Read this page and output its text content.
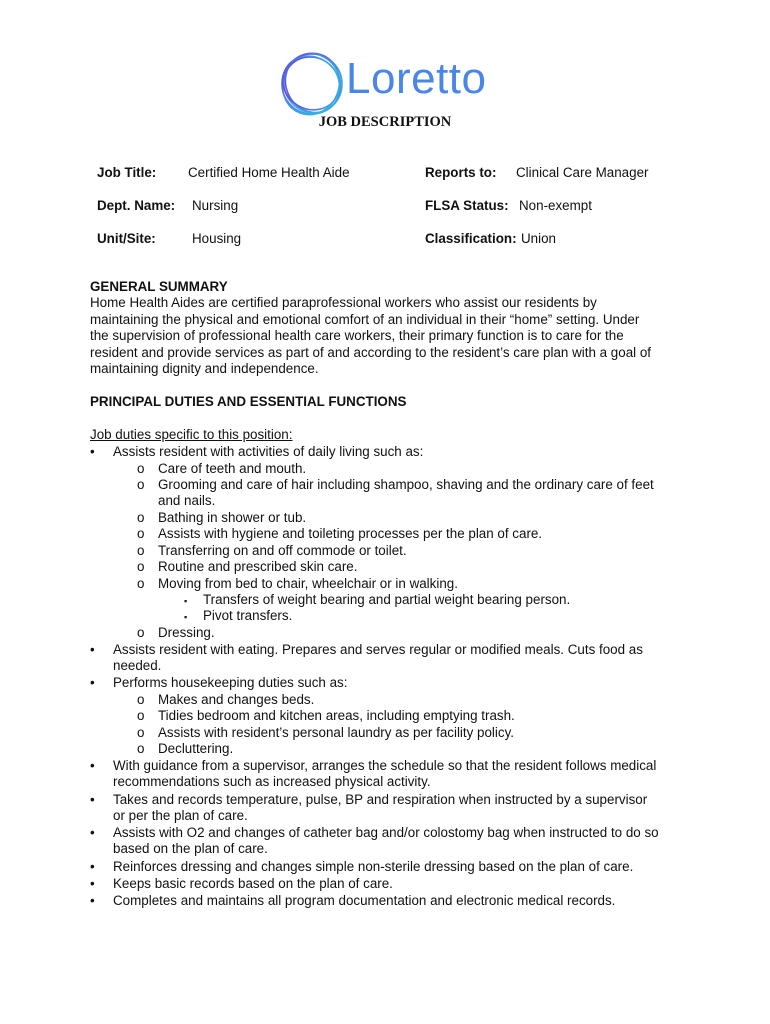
Loretto
JOB DESCRIPTION
Job Title: Certified Home Health Aide	Reports to: Clinical Care Manager
Dept. Name: Nursing	FLSA Status: Non-exempt
Unit/Site:	Housing	Classification: Union
GENERAL SUMMARY
Home Health Aides are certified paraprofessional workers who assist our residents by
maintaining the physical and emotional comfort of an individual in their “home” setting. Under
the supervision of professional health care workers, their primary function is to care for the
resident and provide services as part of and according to the resident’s care plan with a goal of
maintaining dignity and independence.
PRINCIPAL DUTIES AND ESSENTIAL FUNCTIONS
Job duties specific to this position:
• Assists resident with activities of daily living such as:
o Care of teeth and mouth.
o Grooming and care of hair including shampoo, shaving and the ordinary care of feet
and nails.
o Bathing in shower or tub.
o Assists with hygiene and toileting processes per the plan of care.
o Transferring on and off commode or toilet.
o Routine and prescribed skin care.
o Moving from bed to chair, wheelchair or in walking.
▪ Transfers of weight bearing and partial weight bearing person.
▪ Pivot transfers.
o Dressing.
• Assists resident with eating. Prepares and serves regular or modified meals. Cuts food as
needed.
• Performs housekeeping duties such as:
o Makes and changes beds.
o Tidies bedroom and kitchen areas, including emptying trash.
o Assists with resident’s personal laundry as per facility policy.
o Decluttering.
• With guidance from a supervisor, arranges the schedule so that the resident follows medical
recommendations such as increased physical activity.
• Takes and records temperature, pulse, BP and respiration when instructed by a supervisor
or per the plan of care.
• Assists with O2 and changes of catheter bag and/or colostomy bag when instructed to do so
based on the plan of care.
• Reinforces dressing and changes simple non-sterile dressing based on the plan of care.
• Keeps basic records based on the plan of care.
• Completes and maintains all program documentation and electronic medical records.
